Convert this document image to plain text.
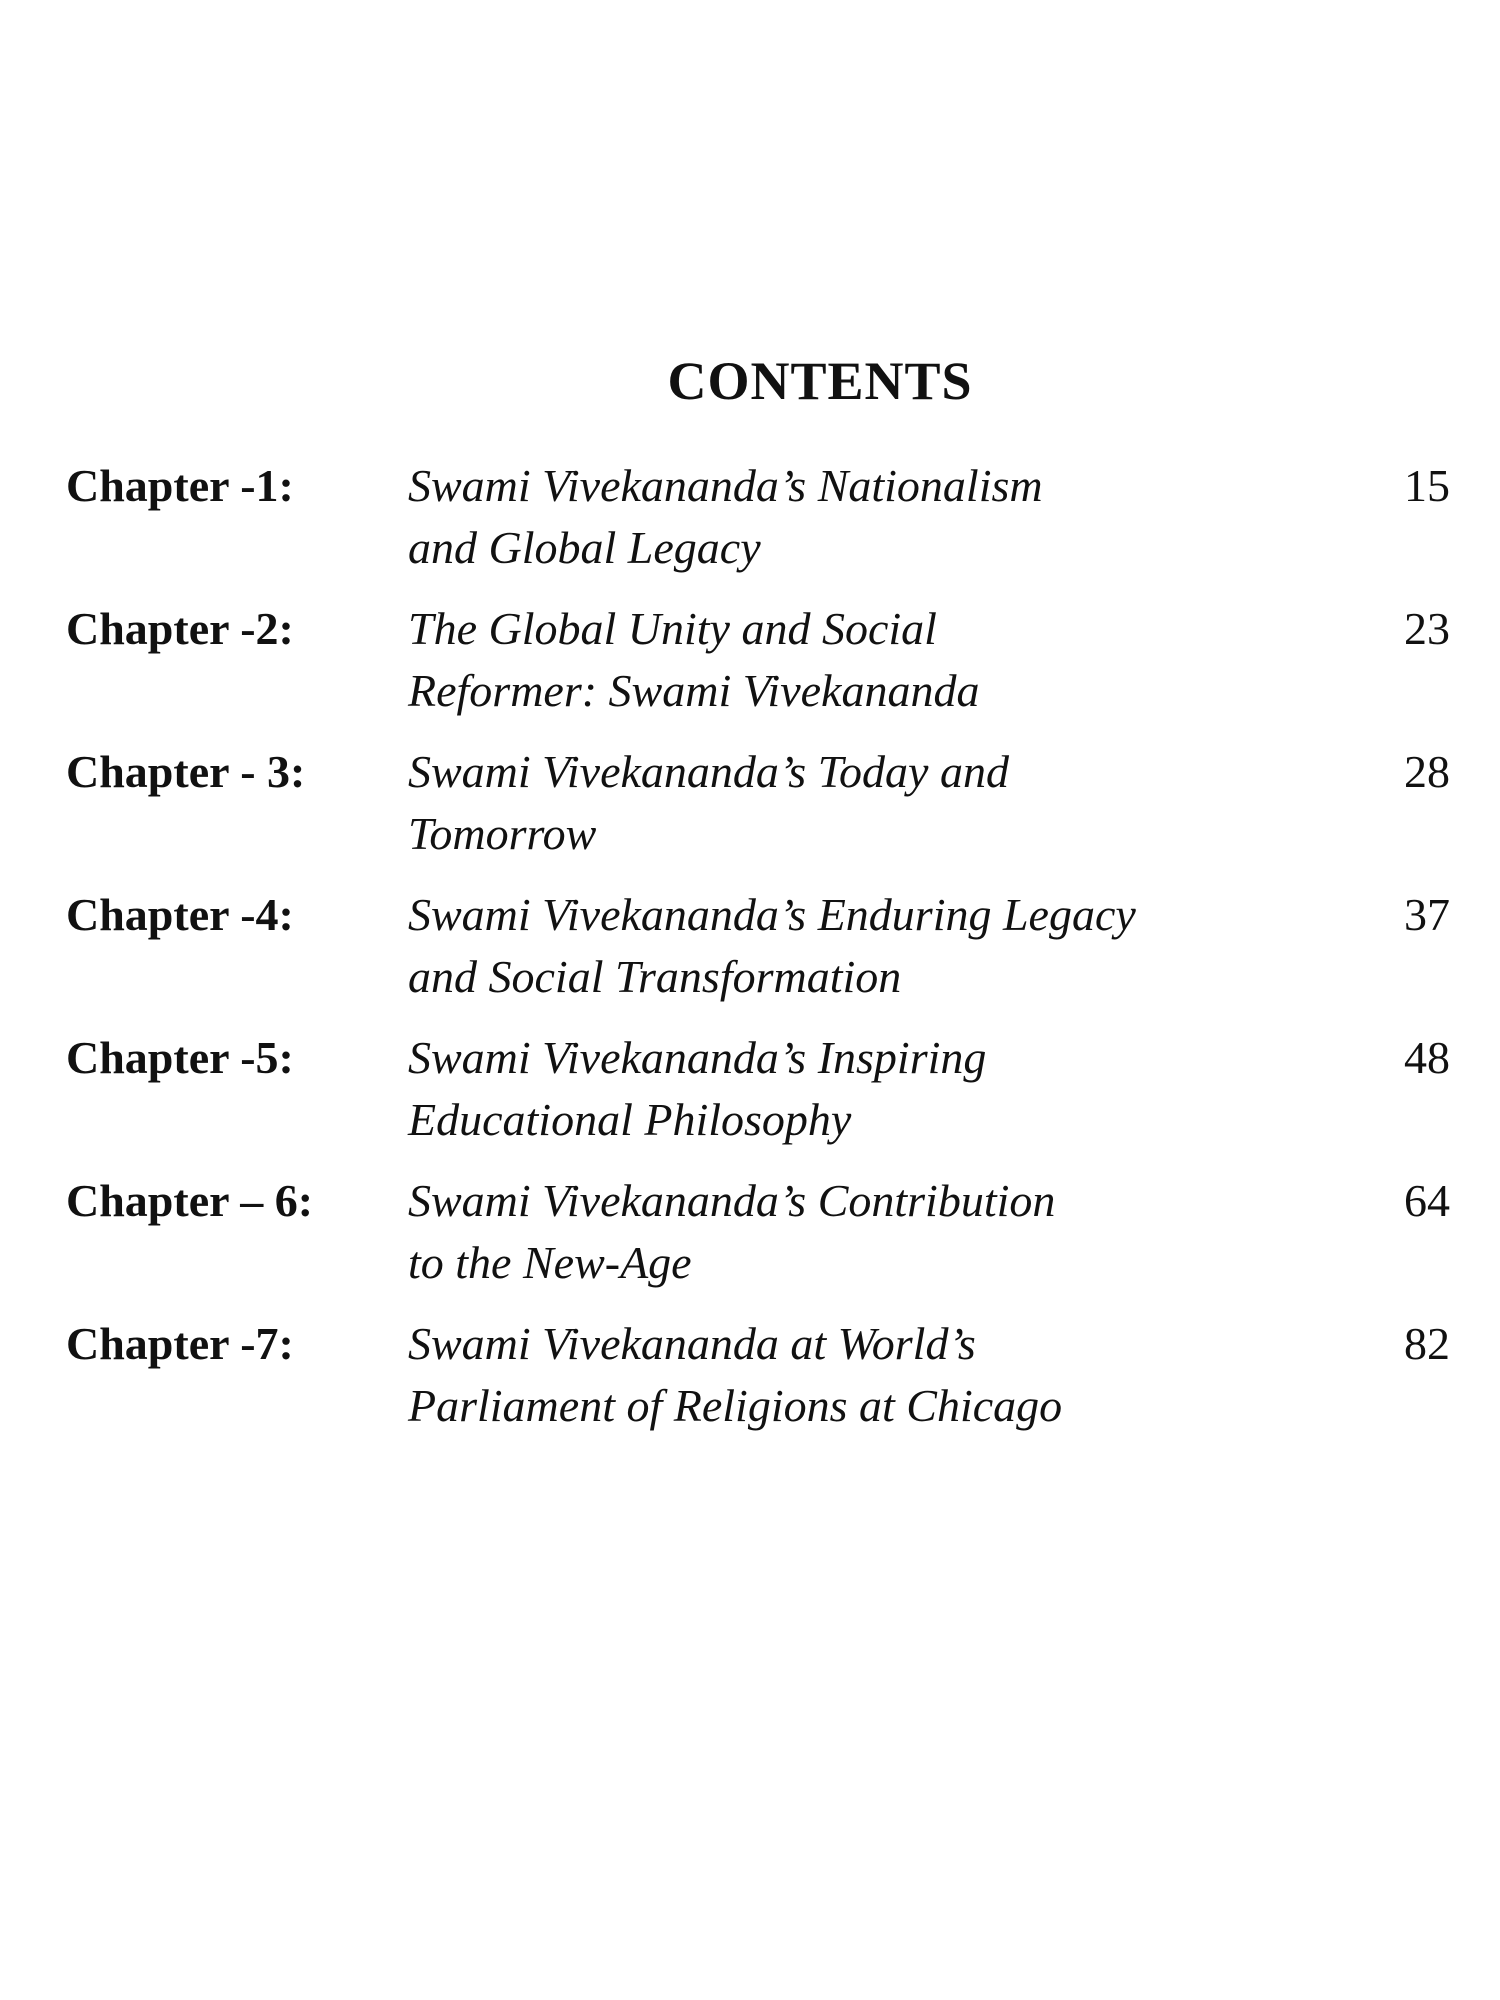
CONTENTS
Chapter -1: Swami Vivekananda’s Nationalism
and Global Legacy
15
Chapter -2: The Global Unity and Social
Reformer: Swami Vivekananda
23
Chapter - 3: Swami Vivekananda’s Today and
Tomorrow
28
Chapter -4: Swami Vivekananda’s Enduring Legacy
and Social Transformation
37
Chapter -5: Swami Vivekananda’s Inspiring
Educational Philosophy
48
Chapter – 6: Swami Vivekananda’s Contribution
to the New-Age
64
Chapter -7: Swami Vivekananda at World’s
Parliament of Religions at Chicago
82
